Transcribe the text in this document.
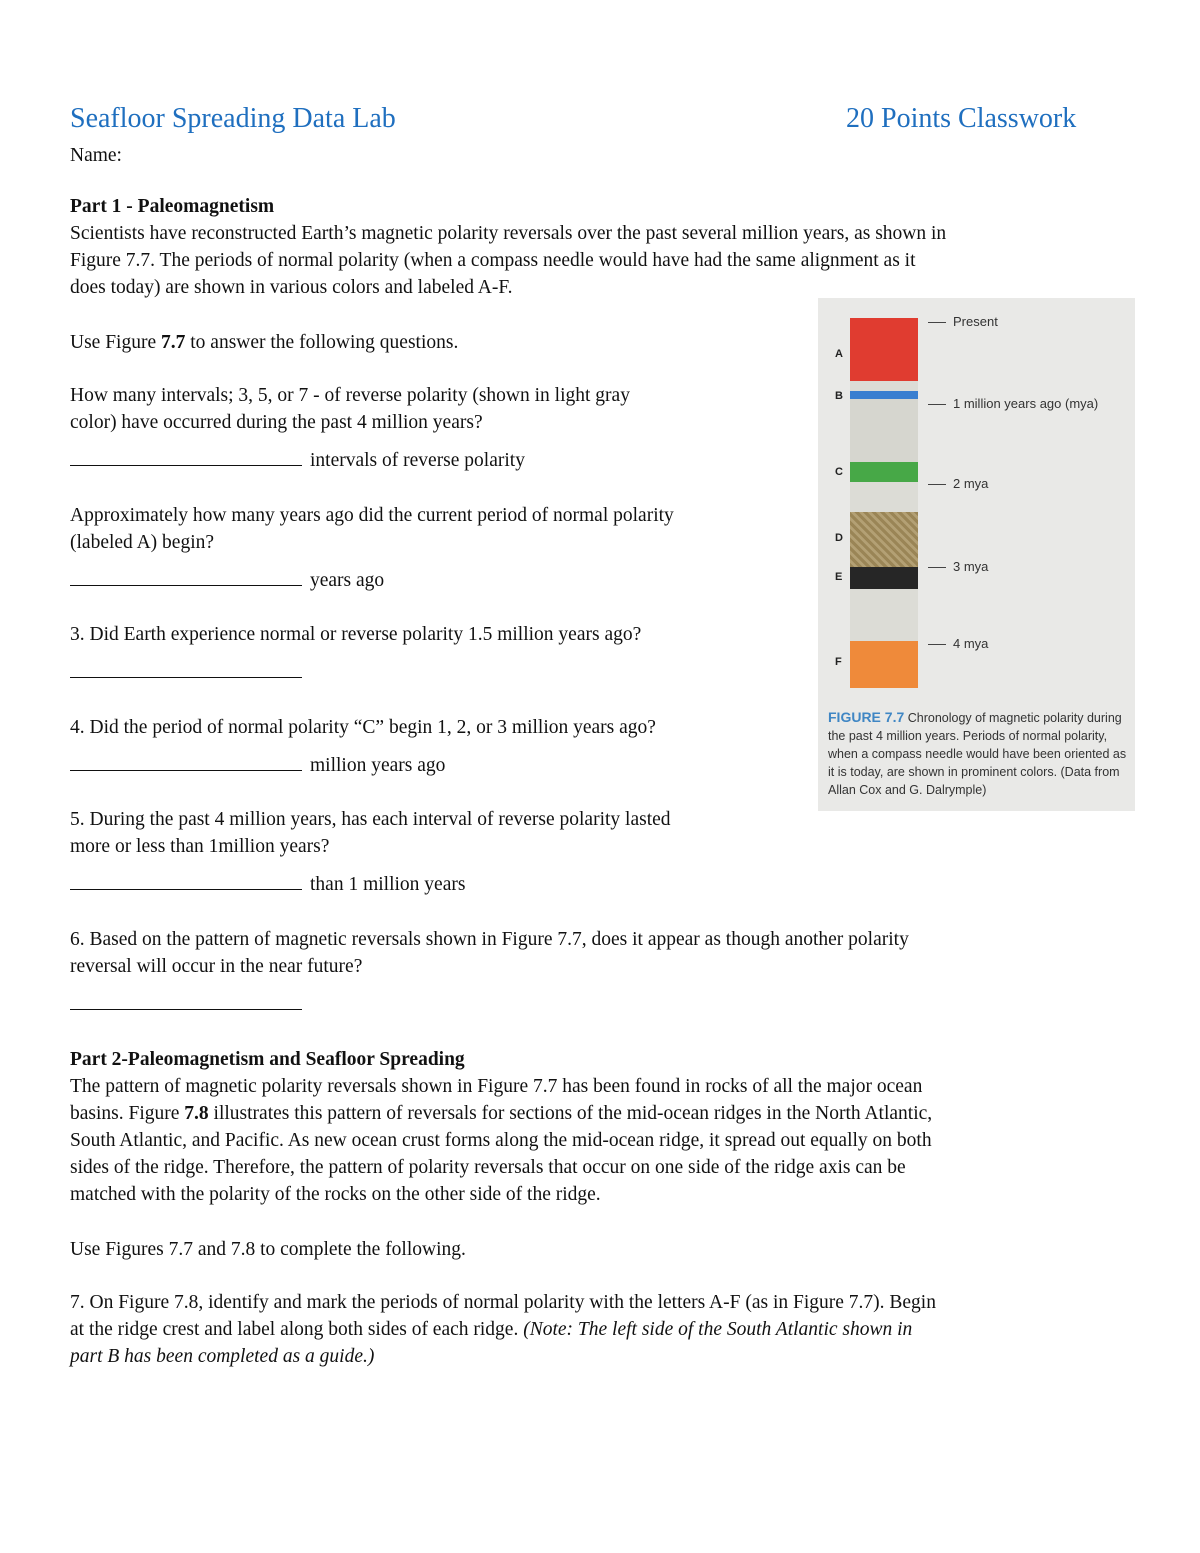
Seafloor Spreading Data Lab	20 Points Classwork
Name:
Part 1 - Paleomagnetism
Scientists have reconstructed Earth’s magnetic polarity reversals over the past several million years, as shown in
Figure 7.7. The periods of normal polarity (when a compass needle would have had the same alignment as it
does today) are shown in various colors and labeled A-F.
Use Figure 7.7 to answer the following questions.
How many intervals; 3, 5, or 7 - of reverse polarity (shown in light gray
color) have occurred during the past 4 million years?
intervals of reverse polarity
Approximately how many years ago did the current period of normal polarity
(labeled A) begin?
years ago
3. Did Earth experience normal or reverse polarity 1.5 million years ago?
4. Did the period of normal polarity “C” begin 1, 2, or 3 million years ago?
million years ago
5. During the past 4 million years, has each interval of reverse polarity lasted
more or less than 1million years?
than 1 million years
6. Based on the pattern of magnetic reversals shown in Figure 7.7, does it appear as though another polarity
reversal will occur in the near future?
A
B
C
D
E
F
Present
1 million years ago (mya)
2 mya
3 mya
4 mya
FIGURE 7.7 Chronology of magnetic polarity during the past 4 million years. Periods of normal polarity, when a compass needle would have been oriented as it is today, are shown in prominent colors. (Data from Allan Cox and G. Dalrymple)
Part 2-Paleomagnetism and Seafloor Spreading
The pattern of magnetic polarity reversals shown in Figure 7.7 has been found in rocks of all the major ocean
basins. Figure 7.8 illustrates this pattern of reversals for sections of the mid-ocean ridges in the North Atlantic,
South Atlantic, and Pacific. As new ocean crust forms along the mid-ocean ridge, it spread out equally on both
sides of the ridge. Therefore, the pattern of polarity reversals that occur on one side of the ridge axis can be
matched with the polarity of the rocks on the other side of the ridge.
Use Figures 7.7 and 7.8 to complete the following.
7. On Figure 7.8, identify and mark the periods of normal polarity with the letters A-F (as in Figure 7.7). Begin
at the ridge crest and label along both sides of each ridge. (Note: The left side of the South Atlantic shown in
part B has been completed as a guide.)
